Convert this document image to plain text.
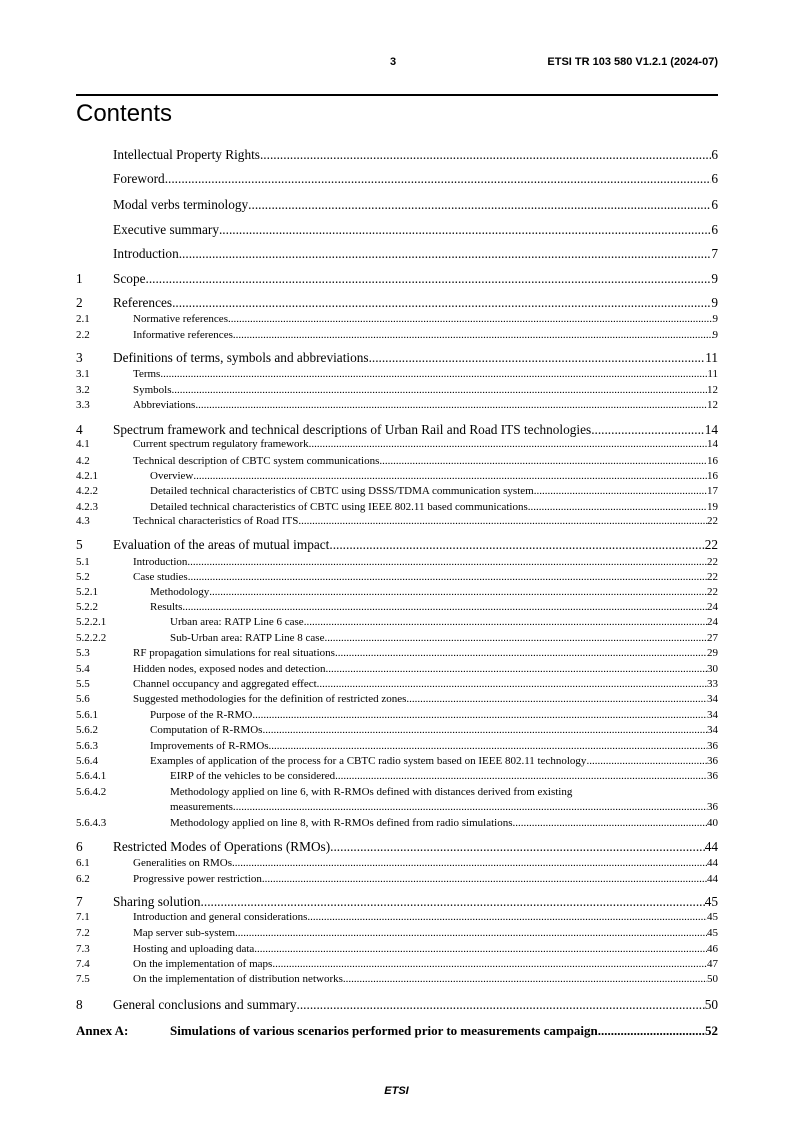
3	ETSI TR 103 580 V1.2.1 (2024-07)
Contents
Intellectual Property Rights .....	6
Foreword .....	6
Modal verbs terminology .....	6
Executive summary .....	6
Introduction .....	7
1 Scope .....	9
2 References .....	9
2.1	Normative references .....	9
2.2	Informative references .....	9
3 Definitions of terms, symbols and abbreviations .....	11
3.1	Terms .....	11
3.2	Symbols .....	12
3.3	Abbreviations .....	12
4 Spectrum framework and technical descriptions of Urban Rail and Road ITS technologies .....	14
4.1	Current spectrum regulatory framework .....	14
4.2	Technical description of CBTC system communications .....	16
4.2.1	Overview .....	16
4.2.2	Detailed technical characteristics of CBTC using DSSS/TDMA communication system. .....	17
4.2.3	Detailed technical characteristics of CBTC using IEEE 802.11 based communications .....	19
4.3	Technical characteristics of Road ITS .....	22
5 Evaluation of the areas of mutual impact .....	22
5.1	Introduction .....	22
5.2	Case studies .....	22
5.2.1	Methodology .....	22
5.2.2	Results .....	24
5.2.2.1	Urban area: RATP Line 6 case .....	24
5.2.2.2	Sub-Urban area: RATP Line 8 case .....	27
5.3	RF propagation simulations for real situations .....	29
5.4	Hidden nodes, exposed nodes and detection .....	30
5.5	Channel occupancy and aggregated effect .....	33
5.6	Suggested methodologies for the definition of restricted zones .....	34
5.6.1	Purpose of the R-RMO .....	34
5.6.2	Computation of R-RMOs .....	34
5.6.3	Improvements of R-RMOs .....	36
5.6.4	Examples of application of the process for a CBTC radio system based on IEEE 802.11 technology .....	36
5.6.4.1	EIRP of the vehicles to be considered .....	36
5.6.4.2	Methodology applied on line 6, with R-RMOs defined with distances derived from existing
measurements. .....	36
5.6.4.3	Methodology applied on line 8, with R-RMOs defined from radio simulations. .....	40
6 Restricted Modes of Operations (RMOs) .....	44
6.1	Generalities on RMOs .....	44
6.2	Progressive power restriction .....	44
7 Sharing solution .....	45
7.1	Introduction and general considerations .....	45
7.2	Map server sub-system .....	45
7.3	Hosting and uploading data .....	46
7.4	On the implementation of maps .....	47
7.5	On the implementation of distribution networks. .....	50
8 General conclusions and summary .....	50
Annex A:	Simulations of various scenarios performed prior to measurements campaign. .....	52
ETSI
